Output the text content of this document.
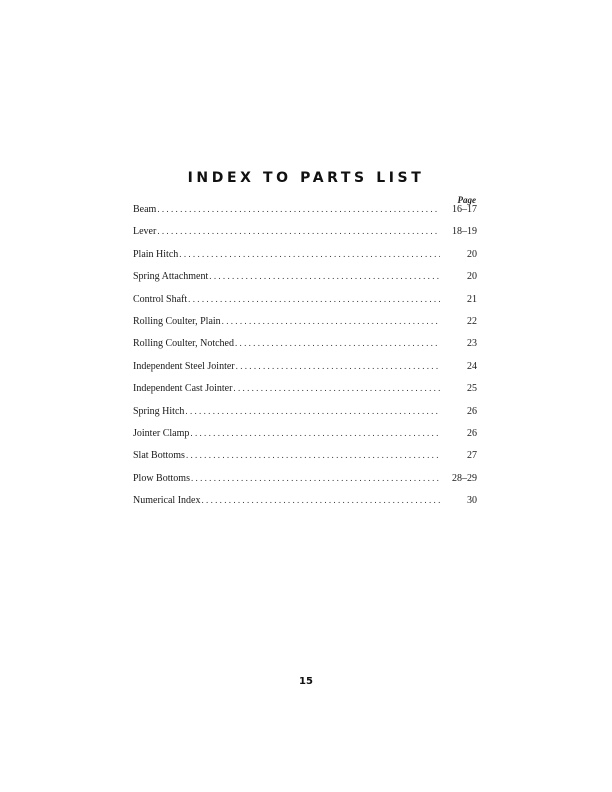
INDEX TO PARTS LIST
Page
Beam .....	16–17
Lever .....	18–19
Plain Hitch .....	20
Spring Attachment .....	20
Control Shaft .....	21
Rolling Coulter, Plain .....	22
Rolling Coulter, Notched .....	23
Independent Steel Jointer .....	24
Independent Cast Jointer .....	25
Spring Hitch .....	26
Jointer Clamp .....	26
Slat Bottoms .....	27
Plow Bottoms .....	28–29
Numerical Index .....	30
15
